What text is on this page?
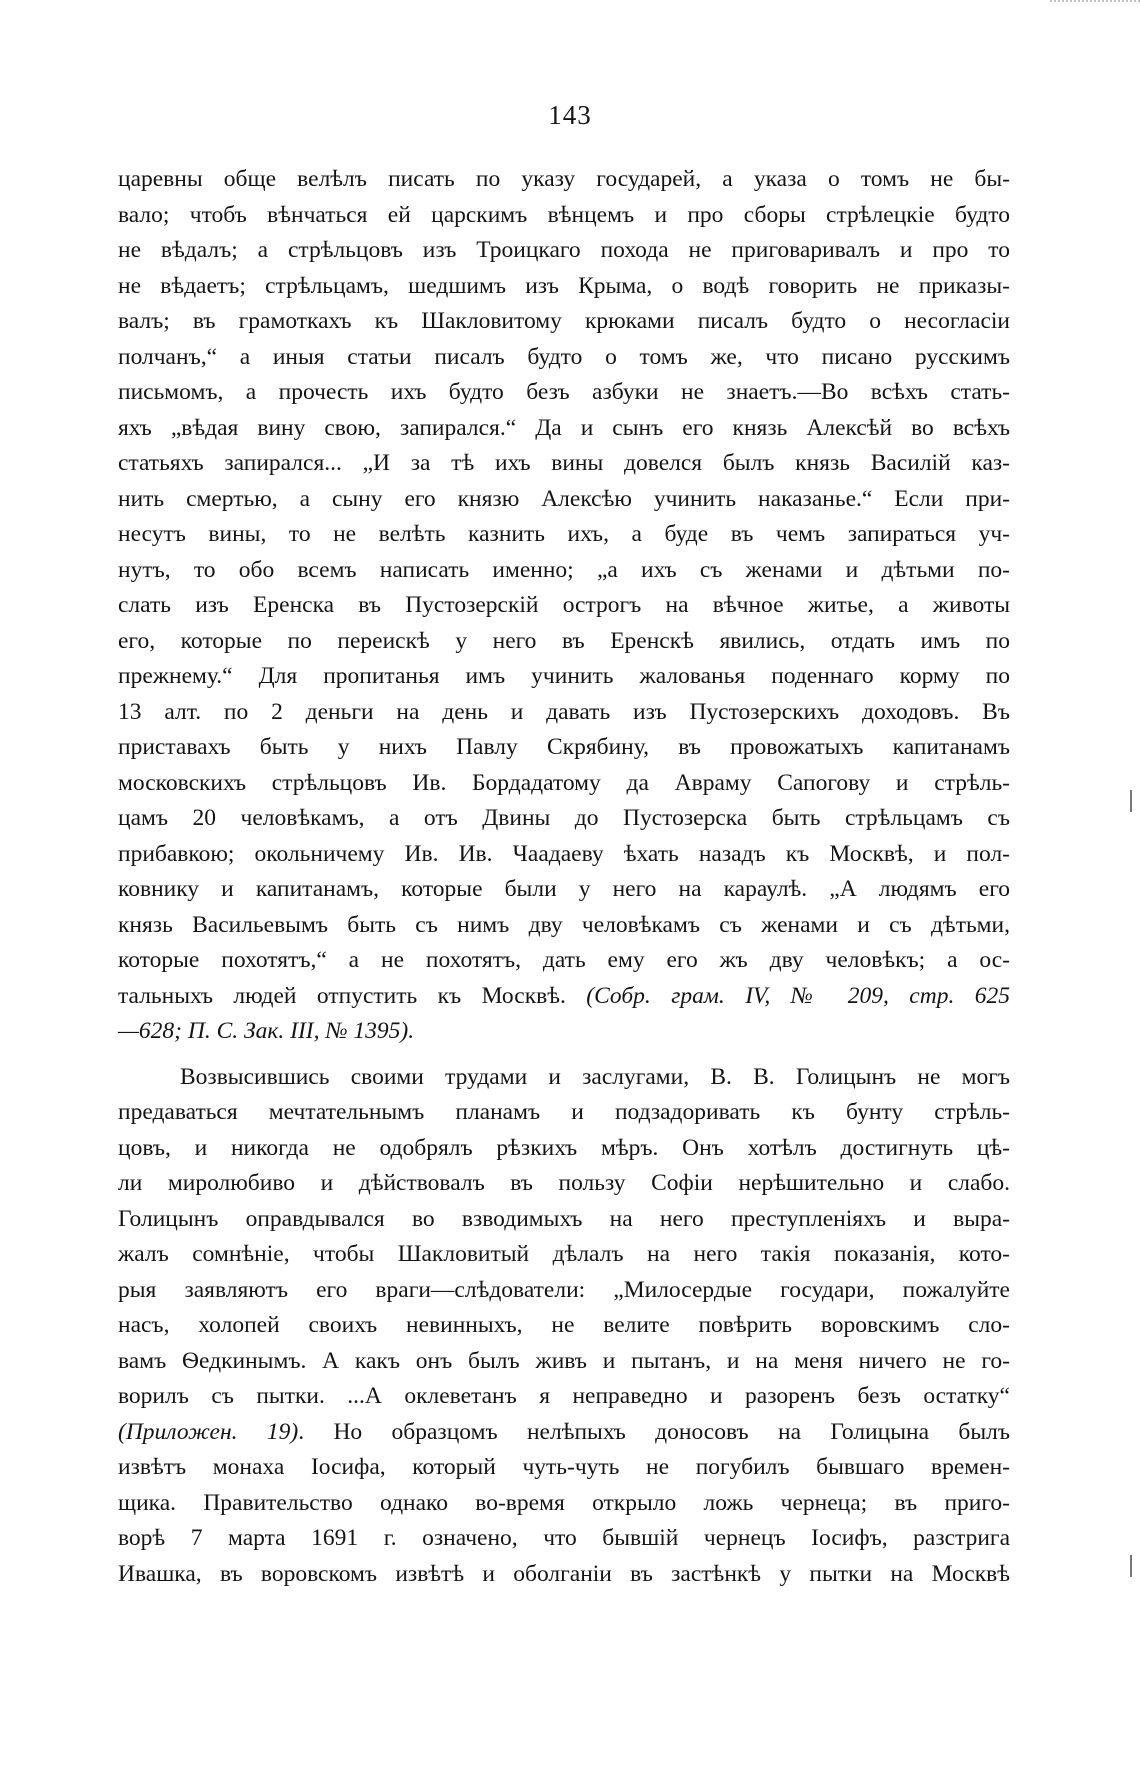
143
царевны обще велѣлъ писать по указу государей, а указа о томъ не бы-
вало; чтобъ вѣнчаться ей царскимъ вѣнцемъ и про сборы стрѣлецкіе будто
не вѣдалъ; а стрѣльцовъ изъ Троицкаго похода не приговаривалъ и про то
не вѣдаетъ; стрѣльцамъ, шедшимъ изъ Крыма, о водѣ говорить не приказы-
валъ; въ грамоткахъ къ Шакловитому крюками писалъ будто о несогласіи
полчанъ,“ а иныя статьи писалъ будто о томъ же, что писано русскимъ
письмомъ, а прочесть ихъ будто безъ азбуки не знаетъ.—Во всѣхъ стать-
яхъ „вѣдая вину свою, запирался.“ Да и сынъ его князь Алексѣй во всѣхъ
статьяхъ запирался... „И за тѣ ихъ вины довелся былъ князь Василій каз-
нить смертью, а сыну его князю Алексѣю учинить наказанье.“ Если при-
несутъ вины, то не велѣть казнить ихъ, а буде въ чемъ запираться уч-
нутъ, то обо всемъ написать именно; „а ихъ съ женами и дѣтьми по-
слать изъ Еренска въ Пустозерскій острогъ на вѣчное житье, а животы
его, которые по переискѣ у него въ Еренскѣ явились, отдать имъ по
прежнему.“ Для пропитанья имъ учинить жалованья поденнаго корму по
13 алт. по 2 деньги на день и давать изъ Пустозерскихъ доходовъ. Въ
приставахъ быть у нихъ Павлу Скрябину, въ провожатыхъ капитанамъ
московскихъ стрѣльцовъ Ив. Бордадатому да Авраму Сапогову и стрѣль-
цамъ 20 человѣкамъ, а отъ Двины до Пустозерска быть стрѣльцамъ съ
прибавкою; окольничему Ив. Ив. Чаадаеву ѣхать назадъ къ Москвѣ, и пол-
ковнику и капитанамъ, которые были у него на караулѣ. „А людямъ его
князь Васильевымъ быть съ нимъ дву человѣкамъ съ женами и съ дѣтьми,
которые похотятъ,“ а не похотятъ, дать ему его жъ дву человѣкъ; а ос-
тальныхъ людей отпустить къ Москвѣ. (Собр. грам. IV, № 209, стр. 625
—628; П. С. Зак. III, № 1395).
Возвысившись своими трудами и заслугами, В. В. Голицынъ не могъ
предаваться мечтательнымъ планамъ и подзадоривать къ бунту стрѣль-
цовъ, и никогда не одобрялъ рѣзкихъ мѣръ. Онъ хотѣлъ достигнуть цѣ-
ли миролюбиво и дѣйствовалъ въ пользу Софіи нерѣшительно и слабо.
Голицынъ оправдывался во взводимыхъ на него преступленіяхъ и выра-
жалъ сомнѣніе, чтобы Шакловитый дѣлалъ на него такія показанія, кото-
рыя заявляютъ его враги—слѣдователи: „Милосердые государи, пожалуйте
насъ, холопей своихъ невинныхъ, не велите повѣрить воровскимъ сло-
вамъ Ѳедкинымъ. А какъ онъ былъ живъ и пытанъ, и на меня ничего не го-
ворилъ съ пытки. ...А оклеветанъ я неправедно и разоренъ безъ остатку“
(Приложен. 19). Но образцомъ нелѣпыхъ доносовъ на Голицына былъ
извѣтъ монаха Іосифа, который чуть-чуть не погубилъ бывшаго времен-
щика. Правительство однако во-время открыло ложь чернеца; въ приго-
ворѣ 7 марта 1691 г. означено, что бывшій чернецъ Іосифъ, разстрига
Ивашка, въ воровскомъ извѣтѣ и оболганіи въ застѣнкѣ у пытки на Москвѣ
